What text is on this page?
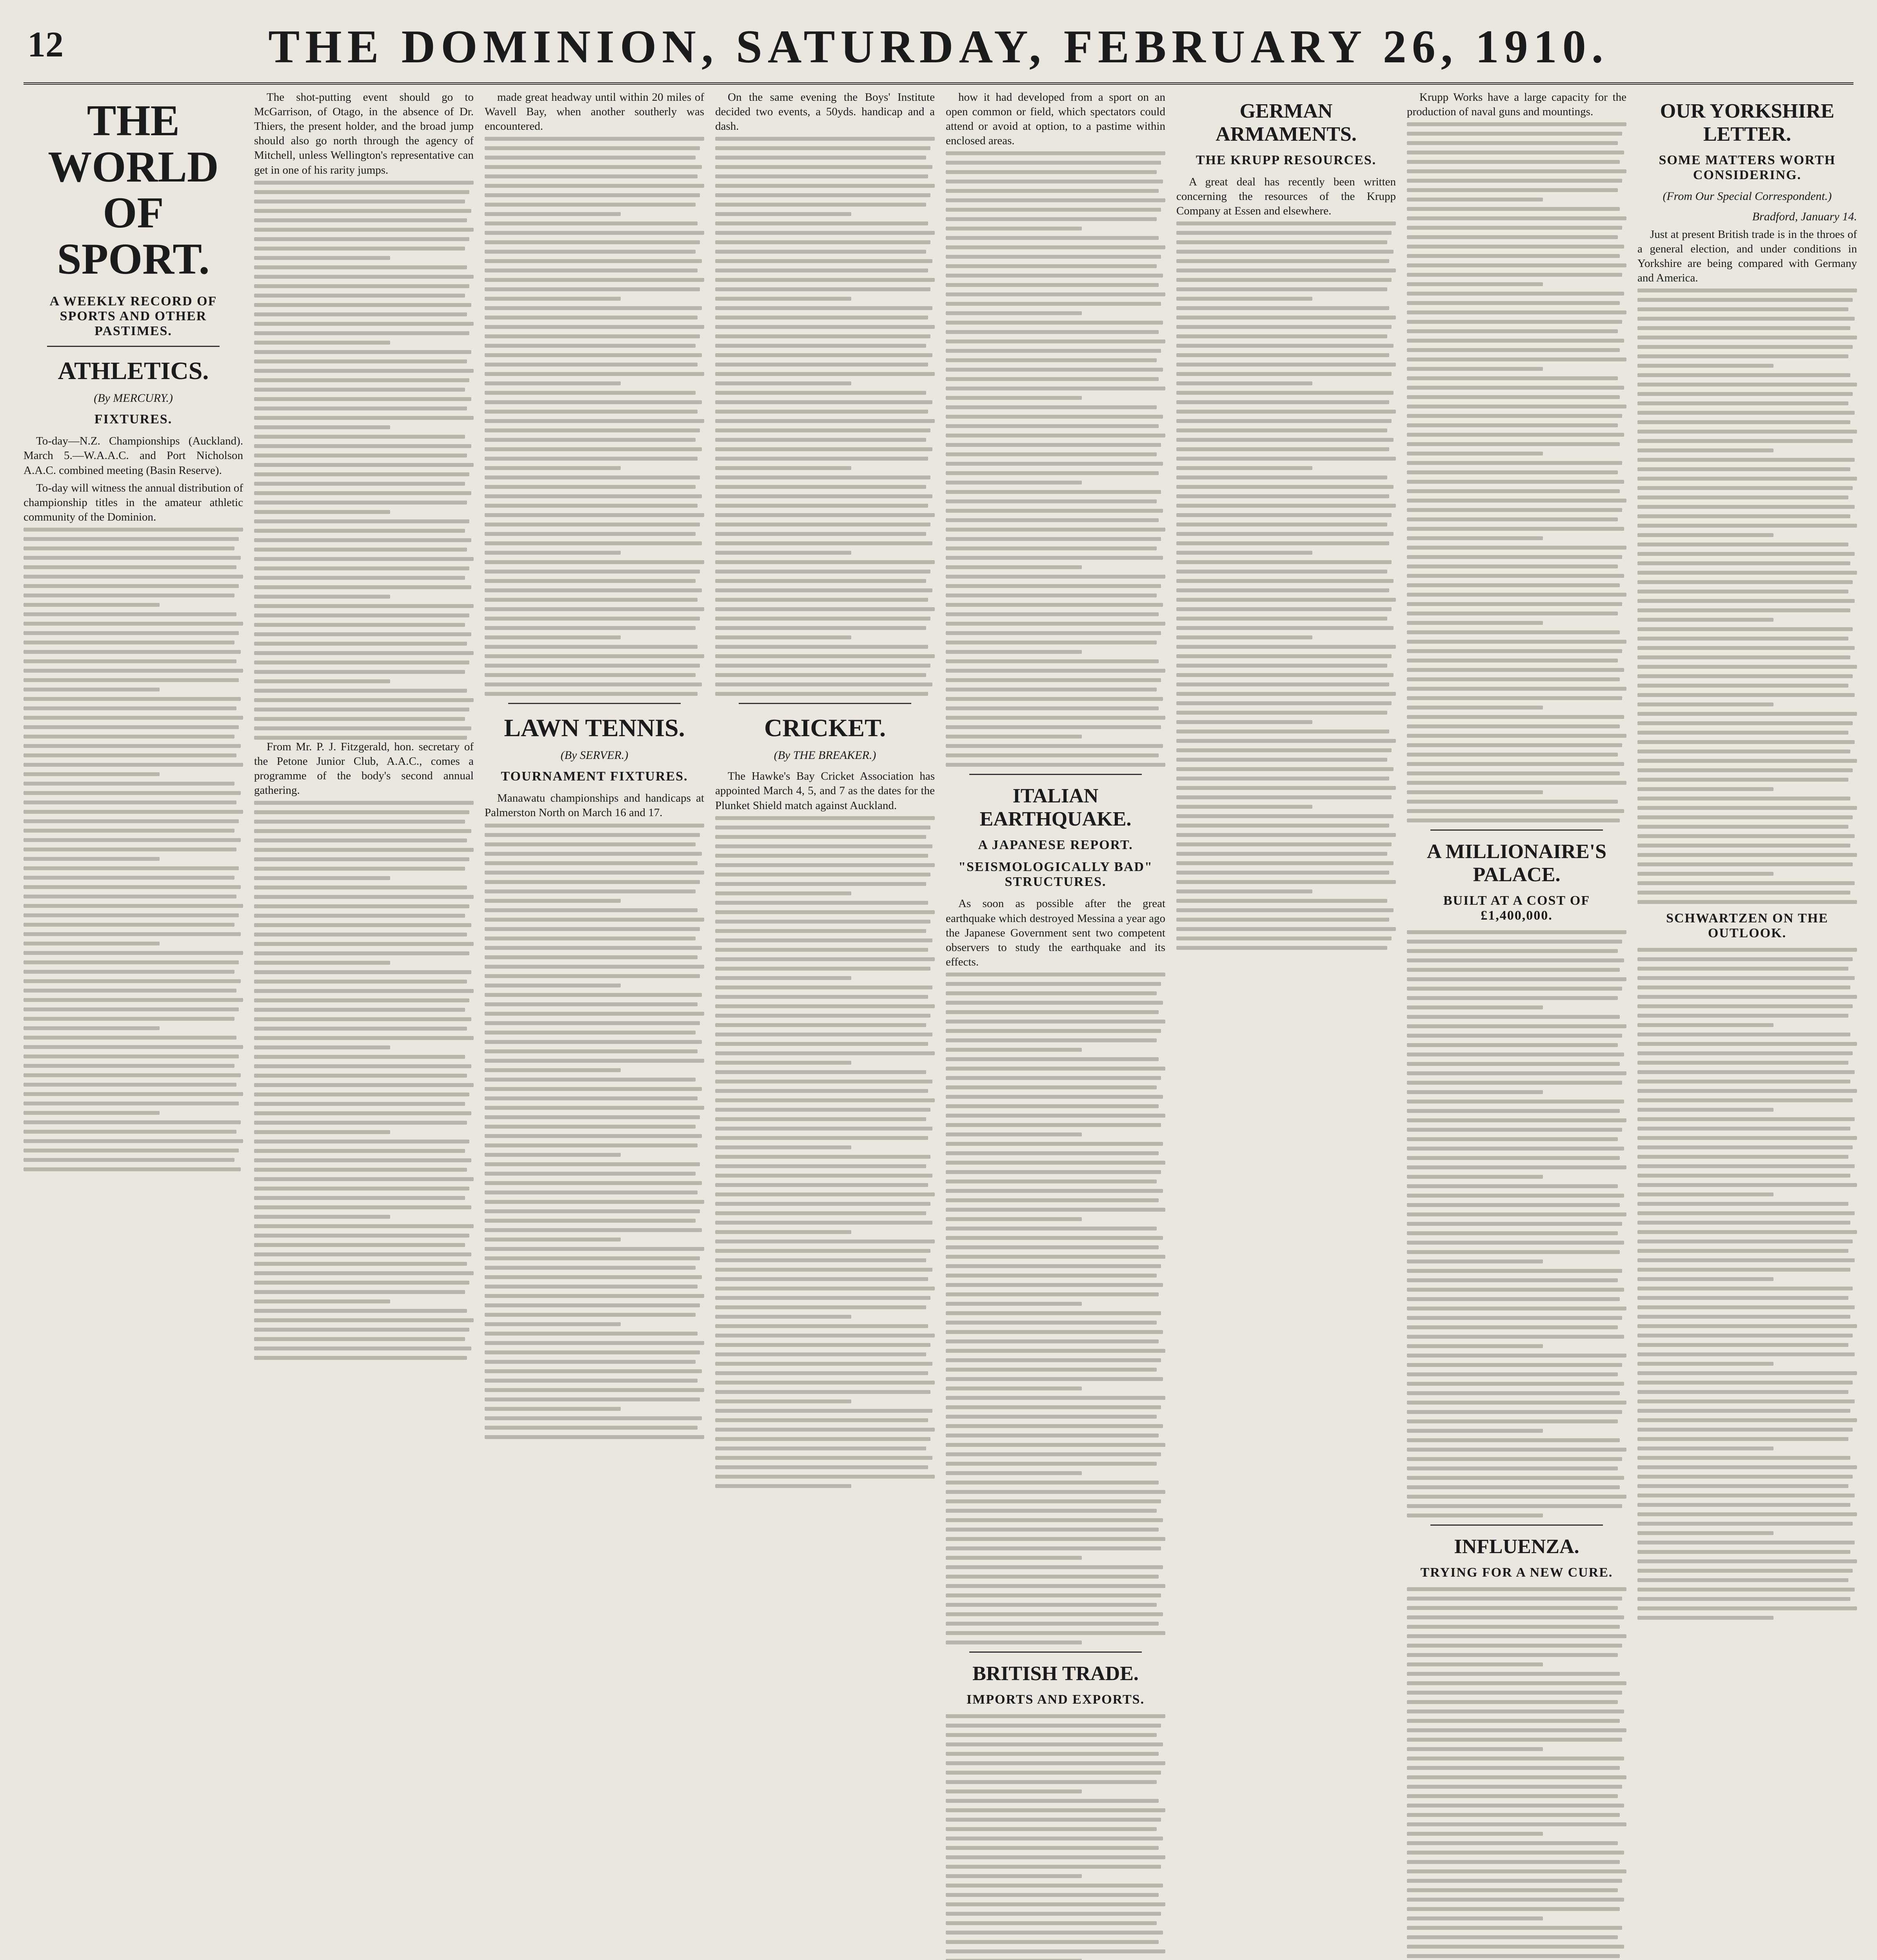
12	THE DOMINION, SATURDAY, FEBRUARY 26, 1910.
THE WORLD OF SPORT.
A WEEKLY RECORD OF SPORTS AND OTHER PASTIMES.
ATHLETICS.
(By MERCURY.)
FIXTURES.

To-day—N.Z. Championships (Auckland). March 5.—W.A.A.C. and Port Nicholson A.A.C. combined meeting (Basin Reserve).

To-day will witness the annual distribution of championship titles in the amateur athletic community of the Dominion.

The shot-putting event should go to McGarrison, of Otago, in the absence of Dr. Thiers, the present holder, and the broad jump should also go north through the agency of Mitchell, unless Wellington's representative can get in one of his rarity jumps.

From Mr. P. J. Fitzgerald, hon. secretary of the Petone Junior Club, A.A.C., comes a programme of the body's second annual gathering.

made great headway until within 20 miles of Wavell Bay, when another southerly was encountered.

LAWN TENNIS.
(By SERVER.)
TOURNAMENT FIXTURES.

Manawatu championships and handicaps at Palmerston North on March 16 and 17.

On the same evening the Boys' Institute decided two events, a 50yds. handicap and a dash.

CRICKET.
(By THE BREAKER.)

The Hawke's Bay Cricket Association has appointed March 4, 5, and 7 as the dates for the Plunket Shield match against Auckland.

how it had developed from a sport on an open common or field, which spectators could attend or avoid at option, to a pastime within enclosed areas.

ITALIAN EARTHQUAKE.
A JAPANESE REPORT.
"SEISMOLOGICALLY BAD" STRUCTURES.

As soon as possible after the great earthquake which destroyed Messina a year ago the Japanese Government sent two competent observers to study the earthquake and its effects.

BRITISH TRADE.
IMPORTS AND EXPORTS.
GERMAN ARMAMENTS.
THE KRUPP RESOURCES.

A great deal has recently been written concerning the resources of the Krupp Company at Essen and elsewhere.

Krupp Works have a large capacity for the production of naval guns and mountings.

A MILLIONAIRE'S PALACE.
BUILT AT A COST OF £1,400,000.
INFLUENZA.
TRYING FOR A NEW CURE.
OUR YORKSHIRE LETTER.
SOME MATTERS WORTH CONSIDERING.
(From Our Special Correspondent.)
Bradford, January 14.

Just at present British trade is in the throes of a general election, and under conditions in Yorkshire are being compared with Germany and America.

SCHWARTZEN ON THE OUTLOOK.
